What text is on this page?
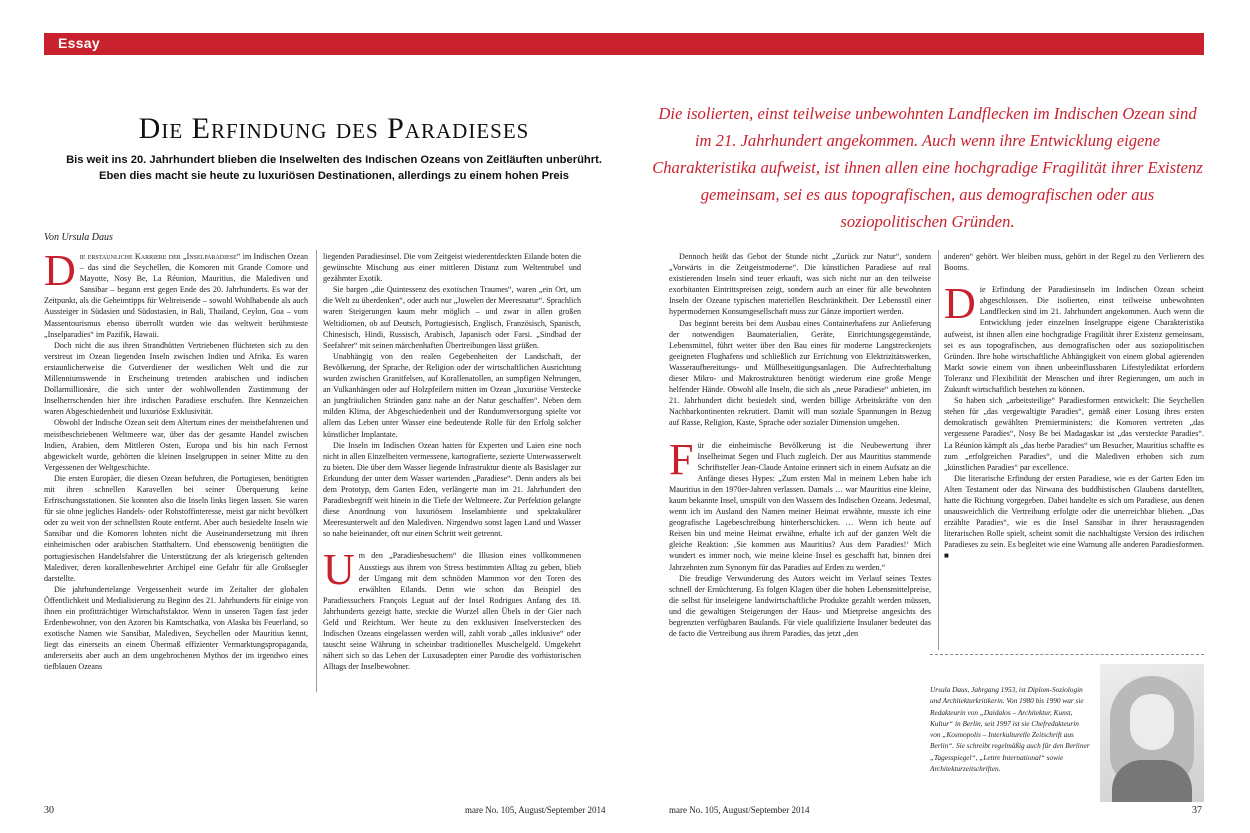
Essay
Die Erfindung des Paradieses
Bis weit ins 20. Jahrhundert blieben die Inselwelten des Indischen Ozeans von Zeitläuften unberührt.
Eben dies macht sie heute zu luxuriösen Destinationen, allerdings zu einem hohen Preis
Die isolierten, einst teilweise unbewohnten Landflecken im Indischen Ozean sind im 21. Jahrhundert angekommen. Auch wenn ihre Entwicklung eigene Charakteristika aufweist, ist ihnen allen eine hochgradige Fragilität ihrer Existenz gemeinsam, sei es aus topografischen, aus demografischen oder aus soziopolitischen Gründen.
Von Ursula Daus

Die erstaunliche Karriere der „Inselparadiese“ im Indischen Ozean – das sind die Seychellen, die Komoren mit Grande Comore und Mayotte, Nosy Be, La Réunion, Mauritius, die Malediven und Sansibar – begann erst gegen Ende des 20. Jahrhunderts. Es war der Zeitpunkt, als die Geheimtipps für Weltreisende – sowohl Wohlhabende als auch Aussteiger in Südasien und Südostasien, in Bali, Thailand, Ceylon, Goa – vom Massentourismus ebenso überrollt wurden wie das weltweit berühmteste „Inselparadies“ im Pazifik, Hawaii.

Doch nicht die aus ihren Strandhütten Vertriebenen flüchteten sich zu den verstreut im Ozean liegenden Inseln zwischen Indien und Afrika. Es waren erstaunlicherweise die Gutverdiener der westlichen Welt und die zur Millenniumswende in Erscheinung tretenden arabischen und indischen Dollarmillionäre, die sich unter der wohlwollenden Zustimmung der Inselherrschenden hier ihre irdischen Paradiese erschufen. Ihre Kennzeichen waren Abgeschiedenheit und luxuriöse Exklusivität.

Obwohl der Indische Ozean seit dem Altertum eines der meistbefahrenen und meistbeschriebenen Weltmeere war, über das der gesamte Handel zwischen Indien, Arabien, dem Mittleren Osten, Europa und bis hin nach Fernost abgewickelt wurde, gehörten die kleinen Inselgruppen in seiner Mitte zu den Vergessenen der Weltgeschichte.

Die ersten Europäer, die diesen Ozean befuhren, die Portugiesen, benötigten mit ihren schnellen Karavellen bei seiner Überquerung keine Erfrischungsstationen. Sie konnten also die Inseln links liegen lassen. Sie waren für sie ohne jegliches Handels- oder Rohstoffinteresse, meist gar nicht bevölkert oder zu weit von der schnellsten Route entfernt. Aber auch besiedelte Inseln wie Sansibar und die Komoren lohnten nicht die Auseinandersetzung mit ihren einheimischen oder arabischen Statthaltern. Und ebensowenig benötigten die portugiesischen Handelsfahrer die Unterstützung der als kriegerisch geltenden Malediver, deren korallenbewehrter Archipel eine Gefahr für alle Großsegler darstellte.

Die jahrhundertelange Vergessenheit wurde im Zeitalter der globalen Öffentlichkeit und Medialisierung zu Beginn des 21. Jahrhunderts für einige von ihnen ein profitträchtiger Wirtschaftsfaktor. Wenn in unseren Tagen fast jeder Erdenbewohner, von den Azoren bis Kamtschatka, von Alaska bis Feuerland, so exotische Namen wie Sansibar, Malediven, Seychellen oder Mauritius kennt, liegt das einerseits an einem Übermaß effizienter Vermarktungspropaganda, andererseits aber auch an dem ungebrochenen Mythos der im irgendwo eines tiefblauen Ozeans

liegenden Paradiesinsel. Die vom Zeitgeist wiederentdeckten Eilande boten die gewünschte Mischung aus einer mittleren Distanz zum Weltentrubel und gezähmter Exotik.

Sie bargen „die Quintessenz des exotischen Traumes“, waren „ein Ort, um die Welt zu überdenken“, oder auch nur „Juwelen der Meeresnatur“. Sprachlich waren Steigerungen kaum mehr möglich – und zwar in allen großen Weltidiomen, ob auf Deutsch, Portugiesisch, Englisch, Französisch, Spanisch, Chinesisch, Hindi, Russisch, Arabisch, Japanisch oder Farsi. „Sindbad der Seefahrer“ mit seinen märchenhaften Übertreibungen lässt grüßen.

Unabhängig von den realen Gegebenheiten der Landschaft, der Bevölkerung, der Sprache, der Religion oder der wirtschaftlichen Ausrichtung wurden zwischen Granitfelsen, auf Korallenatollen, an sumpfigen Nehrungen, an Vulkanhängen oder auf Holzpfeilern mitten im Ozean „luxuriöse Verstecke an jungfräulichen Stränden ganz nahe an der Natur geschaffen“. Neben dem milden Klima, der Abgeschiedenheit und der Rundumversorgung spielte vor allem das Leben unter Wasser eine bedeutende Rolle für den Erfolg solcher künstlicher Implantate.

Die Inseln im Indischen Ozean hatten für Experten und Laien eine noch nicht in allen Einzelheiten vermessene, kartografierte, sezierte Unterwasserwelt zu bieten. Die über dem Wasser liegende Infrastruktur diente als Basislager zur Erkundung der unter dem Wasser wartenden „Paradiese“. Denn anders als bei dem Prototyp, dem Garten Eden, verlängerte man im 21. Jahrhundert den Paradiesbegriff weit hinein in die Tiefe der Weltmeere. Zur Perfektion gelangte diese Anordnung von luxuriösem Inselambiente und spektakulärer Meeresunterwelt auf den Malediven. Nirgendwo sonst lagen Land und Wasser so nahe beieinander, oft nur einen Schritt weit getrennt.

Um den „Paradiesbesuchern“ die Illusion eines vollkommenen Ausstiegs aus ihrem von Stress bestimmten Alltag zu geben, blieb der Umgang mit dem schnöden Mammon vor den Toren des erwählten Eilands. Denn wie schon das Beispiel des Paradiessuchers François Leguat auf der Insel Rodrigues Anfang des 18. Jahrhunderts gezeigt hatte, steckte die Wurzel allen Übels in der Gier nach Geld und Reichtum. Wer heute zu den exklusiven Inselverstecken des Indischen Ozeans eingelassen werden will, zahlt vorab „alles inklusive“ oder tauscht seine Währung in scheinbar traditionelles Muschelgeld. Umgekehrt nähert sich so das Leben der Luxusadepten einer Parodie des vorhistorischen Alltags der Inselbewohner.

Dennoch heißt das Gebot der Stunde nicht „Zurück zur Natur“, sondern „Vorwärts in die Zeitgeistmoderne“. Die künstlichen Paradiese auf real existierenden Inseln sind teuer erkauft, was sich nicht nur an den teilweise exorbitanten Eintrittspreisen zeigt, sondern auch an einer für alle bewohnten Inseln der Ozeane typischen materiellen Beschränktheit. Der Lebensstil einer hypermodernen Konsumgesellschaft muss zur Gänze importiert werden.

Das beginnt bereits bei dem Ausbau eines Containerhafens zur Anlieferung der notwendigen Baumaterialien, Geräte, Einrichtungsgegenstände, Lebensmittel, führt weiter über den Bau eines für moderne Langstreckenjets geeigneten Flughafens und schließlich zur Errichtung von Elektrizitätswerken, Wasseraufbereitungs- und Müllbeseitigungsanlagen. Die Aufrechterhaltung dieser Mikro- und Makrostrukturen benötigt wiederum eine große Menge helfender Hände. Obwohl alle Inseln, die sich als „neue Paradiese“ anbieten, im 21. Jahrhundert dicht besiedelt sind, werden billige Arbeitskräfte von den Nachbarkontinenten rekrutiert. Damit will man soziale Spannungen in Bezug auf Rasse, Religion, Kaste, Sprache oder sozialer Dimension umgehen.

Für die einheimische Bevölkerung ist die Neubewertung ihrer Inselheimat Segen und Fluch zugleich. Der aus Mauritius stammende Schriftsteller Jean-Claude Antoine erinnert sich in einem Aufsatz an die Anfänge dieses Hypes: „Zum ersten Mal in meinem Leben habe ich Mauritius in den 1970er-Jahren verlassen. Damals … war Mauritius eine kleine, kaum bekannte Insel, umspült von den Wassern des Indischen Ozeans. Jedesmal, wenn ich im Ausland den Namen meiner Heimat erwähnte, musste ich eine geografische Lagebeschreibung hinterherschicken. … Wenn ich heute auf Reisen bin und meine Heimat erwähne, erhalte ich auf der ganzen Welt die gleiche Reaktion: ‚Sie kommen aus Mauritius? Aus dem Paradies!‘ Mich wundert es immer noch, wie meine kleine Insel es geschafft hat, binnen drei Jahrzehnten zum Synonym für das Paradies auf Erden zu werden.“

Die freudige Verwunderung des Autors weicht im Verlauf seines Textes schnell der Ernüchterung. Es folgen Klagen über die hohen Lebensmittelpreise, die selbst für inseleigene landwirtschaftliche Produkte gezahlt werden müssen, und die gewaltigen Steigerungen der Haus- und Mietpreise angesichts des begrenzten verfügbaren Baulands. Für viele qualifizierte Insulaner bedeutet das de facto die Vertreibung aus ihrem Paradies, das jetzt „den

anderen“ gehört. Wer bleiben muss, gehört in der Regel zu den Verlierern des Booms.

Die Erfindung der Paradiesinseln im Indischen Ozean scheint abgeschlossen. Die isolierten, einst teilweise unbewohnten Landflecken sind im 21. Jahrhundert angekommen. Auch wenn die Entwicklung jeder einzelnen Inselgruppe eigene Charakteristika aufweist, ist ihnen allen eine hochgradige Fragilität ihrer Existenz gemeinsam, sei es aus topografischen, aus demografischen oder aus soziopolitischen Gründen. Ihre hohe wirtschaftliche Abhängigkeit von einem global agierenden Markt sowie einem von ihnen unbeeinflussbaren Lifestylediktat erfordern Toleranz und Flexibilität der Menschen und ihrer Regierungen, um auch in Zukunft wirtschaftlich bestehen zu können.

So haben sich „arbeitsteilige“ Paradiesformen entwickelt: Die Seychellen stehen für „das vergewaltigte Paradies“, gemäß einer Losung ihres ersten demokratisch gewählten Premierministers; die Komoren vertreten „das vergessene Paradies“, Nosy Be bei Madagaskar ist „das versteckte Paradies“. La Réunion kämpft als „das herbe Paradies“ um Besucher, Mauritius schaffte es zum „erfolgreichen Paradies“, und die Malediven erhoben sich zum „künstlichen Paradies“ par excellence.

Die literarische Erfindung der ersten Paradiese, wie es der Garten Eden im Alten Testament oder das Nirwana des buddhistischen Glaubens darstellten, hatte die Richtung vorgegeben. Dabei handelte es sich um Paradiese, aus denen unausweichlich die Vertreibung erfolgte oder die unerreichbar blieben. „Das erzählte Paradies“, wie es die Insel Sansibar in ihrer herausragenden literarischen Rolle spielt, scheint somit die nachhaltigste Version des irdischen Paradieses zu sein. Es begleitet wie eine Warnung alle anderen Paradiesformen. ■

Ursula Daus, Jahrgang 1953, ist Diplom-Soziologin und Architekturkritikerin. Von 1980 bis 1990 war sie Redakteurin von „Daidalos – Architektur, Kunst, Kultur“ in Berlin, seit 1997 ist sie Chefredakteurin von „Kosmopolis – Interkulturelle Zeitschrift aus Berlin“. Sie schreibt regelmäßig auch für den Berliner „Tagesspiegel“, „Lettre International“ sowie Architekturzeitschriften.
30	mare No. 105, August/September 2014	mare No. 105, August/September 2014	37
